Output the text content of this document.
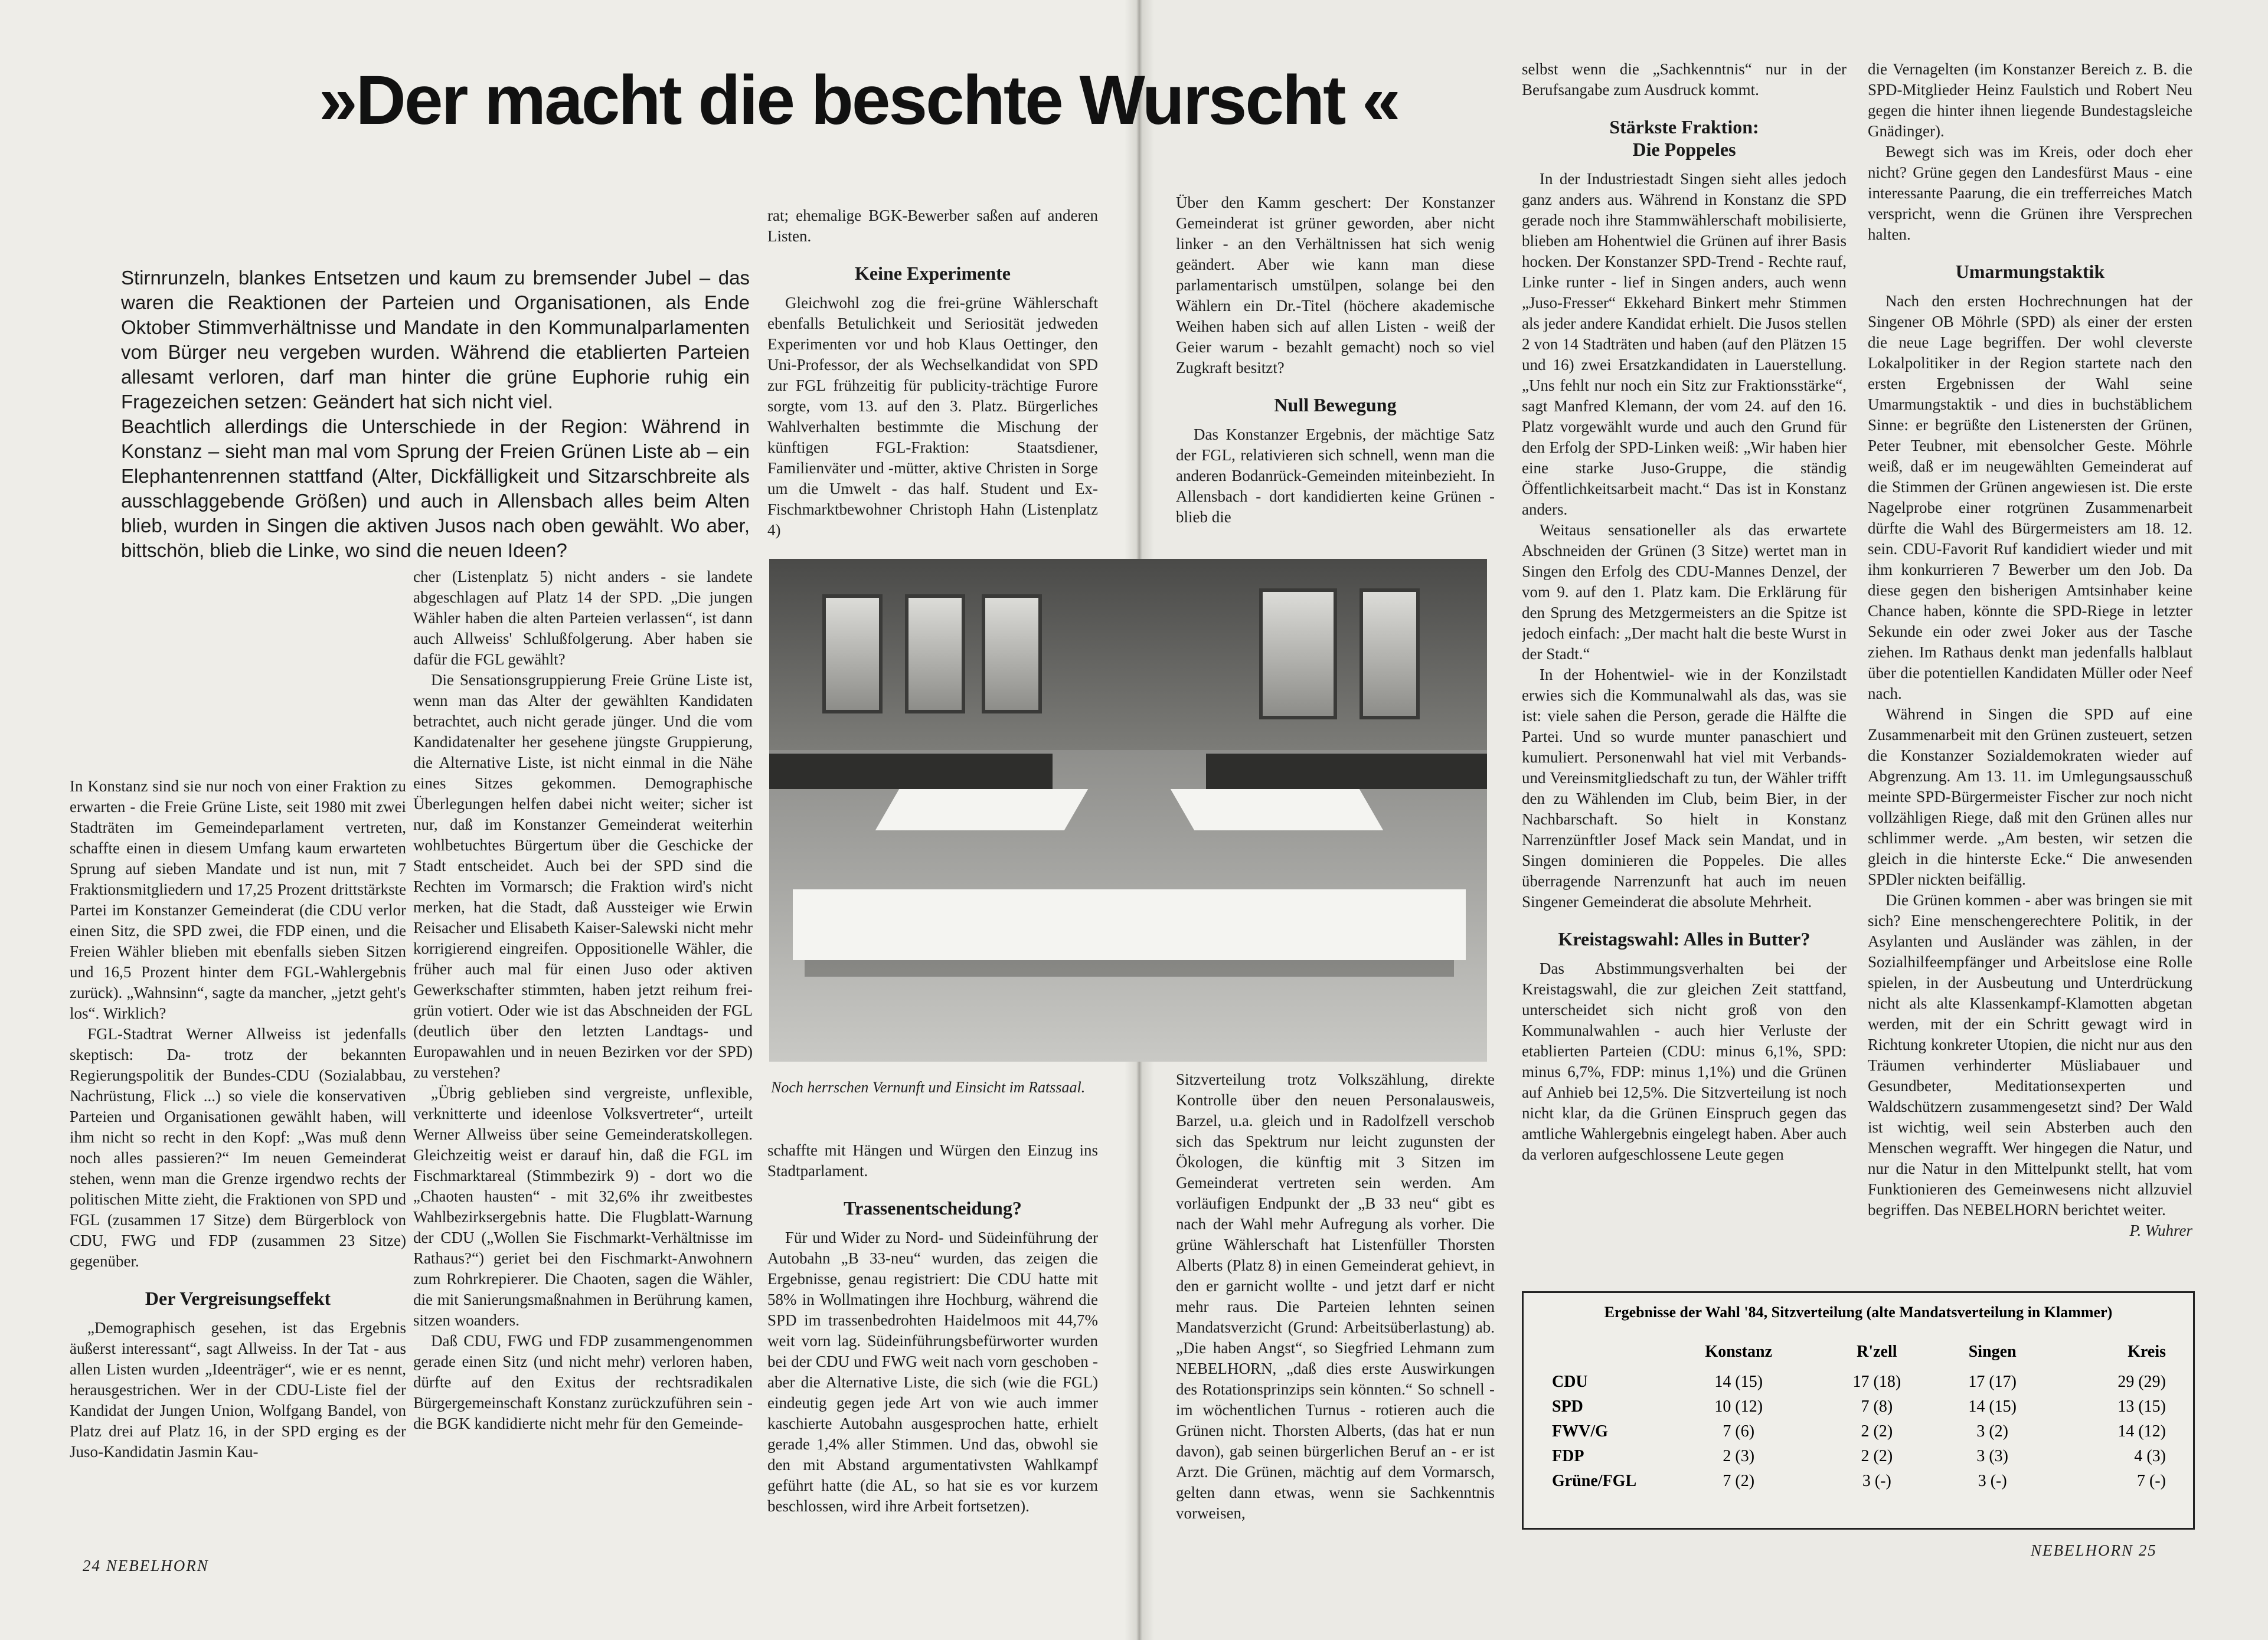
»Der macht die beschte Wurscht «

Stirnrunzeln, blankes Entsetzen und kaum zu bremsender Jubel – das waren die Reaktionen der Parteien und Organisationen, als Ende Oktober Stimmverhältnisse und Mandate in den Kommunalparlamenten vom Bürger neu vergeben wurden. Während die etablierten Parteien allesamt verloren, darf man hinter die grüne Euphorie ruhig ein Fragezeichen setzen: Geändert hat sich nicht viel.

Beachtlich allerdings die Unterschiede in der Region: Während in Konstanz – sieht man mal vom Sprung der Freien Grünen Liste ab – ein Elephantenrennen stattfand (Alter, Dickfälligkeit und Sitzarschbreite als ausschlaggebende Größen) und auch in Allensbach alles beim Alten blieb, wurden in Singen die aktiven Jusos nach oben gewählt. Wo aber, bittschön, blieb die Linke, wo sind die neuen Ideen?

In Konstanz sind sie nur noch von einer Fraktion zu erwarten - die Freie Grüne Liste, seit 1980 mit zwei Stadträten im Gemeindeparlament vertreten, schaffte einen in diesem Umfang kaum erwarteten Sprung auf sieben Mandate und ist nun, mit 7 Fraktionsmitgliedern und 17,25 Prozent drittstärkste Partei im Konstanzer Gemeinderat (die CDU verlor einen Sitz, die SPD zwei, die FDP einen, und die Freien Wähler blieben mit ebenfalls sieben Sitzen und 16,5 Prozent hinter dem FGL-Wahlergebnis zurück). „Wahnsinn“, sagte da mancher, „jetzt geht's los“. Wirklich?

FGL-Stadtrat Werner Allweiss ist jedenfalls skeptisch: Da- trotz der bekannten Regierungspolitik der Bundes-CDU (Sozialabbau, Nachrüstung, Flick ...) so viele die konservativen Parteien und Organisationen gewählt haben, will ihm nicht so recht in den Kopf: „Was muß denn noch alles passieren?“ Im neuen Gemeinderat stehen, wenn man die Grenze irgendwo rechts der politischen Mitte zieht, die Fraktionen von SPD und FGL (zusammen 17 Sitze) dem Bürgerblock von CDU, FWG und FDP (zusammen 23 Sitze) gegenüber.

Der Vergreisungseffekt

„Demographisch gesehen, ist das Ergebnis äußerst interessant“, sagt Allweiss. In der Tat - aus allen Listen wurden „Ideenträger“, wie er es nennt, herausgestrichen. Wer in der CDU-Liste fiel der Kandidat der Jungen Union, Wolfgang Bandel, von Platz drei auf Platz 16, in der SPD erging es der Juso-Kandidatin Jasmin Kau-

cher (Listenplatz 5) nicht anders - sie landete abgeschlagen auf Platz 14 der SPD. „Die jungen Wähler haben die alten Parteien verlassen“, ist dann auch Allweiss' Schlußfolgerung. Aber haben sie dafür die FGL gewählt?

Die Sensationsgruppierung Freie Grüne Liste ist, wenn man das Alter der gewählten Kandidaten betrachtet, auch nicht gerade jünger. Und die vom Kandidatenalter her gesehene jüngste Gruppierung, die Alternative Liste, ist nicht einmal in die Nähe eines Sitzes gekommen. Demographische Überlegungen helfen dabei nicht weiter; sicher ist nur, daß im Konstanzer Gemeinderat weiterhin wohlbetuchtes Bürgertum über die Geschicke der Stadt entscheidet. Auch bei der SPD sind die Rechten im Vormarsch; die Fraktion wird's nicht merken, hat die Stadt, daß Aussteiger wie Erwin Reisacher und Elisabeth Kaiser-Salewski nicht mehr korrigierend eingreifen. Oppositionelle Wähler, die früher auch mal für einen Juso oder aktiven Gewerkschafter stimmten, haben jetzt reihum frei-grün votiert. Oder wie ist das Abschneiden der FGL (deutlich über den letzten Landtags- und Europawahlen und in neuen Bezirken vor der SPD) zu verstehen?

„Übrig geblieben sind vergreiste, unflexible, verknitterte und ideenlose Volksvertreter“, urteilt Werner Allweiss über seine Gemeinderatskollegen. Gleichzeitig weist er darauf hin, daß die FGL im Fischmarktareal (Stimmbezirk 9) - dort wo die „Chaoten hausten“ - mit 32,6% ihr zweitbestes Wahlbezirksergebnis hatte. Die Flugblatt-Warnung der CDU („Wollen Sie Fischmarkt-Verhältnisse im Rathaus?“) geriet bei den Fischmarkt-Anwohnern zum Rohrkrepierer. Die Chaoten, sagen die Wähler, die mit Sanierungsmaßnahmen in Berührung kamen, sitzen woanders.

Daß CDU, FWG und FDP zusammengenommen gerade einen Sitz (und nicht mehr) verloren haben, dürfte auf den Exitus der rechtsradikalen Bürgergemeinschaft Konstanz zurückzuführen sein - die BGK kandidierte nicht mehr für den Gemeinde-

rat; ehemalige BGK-Bewerber saßen auf anderen Listen.

Keine Experimente

Gleichwohl zog die frei-grüne Wählerschaft ebenfalls Betulichkeit und Seriosität jedweden Experimenten vor und hob Klaus Oettinger, den Uni-Professor, der als Wechselkandidat von SPD zur FGL frühzeitig für publicity-trächtige Furore sorgte, vom 13. auf den 3. Platz. Bürgerliches Wahlverhalten bestimmte die Mischung der künftigen FGL-Fraktion: Staatsdiener, Familienväter und -mütter, aktive Christen in Sorge um die Umwelt - das half. Student und Ex-Fischmarktbewohner Christoph Hahn (Listenplatz 4)

Noch herrschen Vernunft und Einsicht im Ratssaal.

schaffte mit Hängen und Würgen den Einzug ins Stadtparlament.

Trassenentscheidung?

Für und Wider zu Nord- und Südeinführung der Autobahn „B 33-neu“ wurden, das zeigen die Ergebnisse, genau registriert: Die CDU hatte mit 58% in Wollmatingen ihre Hochburg, während die SPD im trassenbedrohten Haidelmoos mit 44,7% weit vorn lag. Südeinführungsbefürworter wurden bei der CDU und FWG weit nach vorn geschoben - aber die Alternative Liste, die sich (wie die FGL) eindeutig gegen jede Art von wie auch immer kaschierte Autobahn ausgesprochen hatte, erhielt gerade 1,4% aller Stimmen. Und das, obwohl sie den mit Abstand argumentativsten Wahlkampf geführt hatte (die AL, so hat sie es vor kurzem beschlossen, wird ihre Arbeit fortsetzen).

Über den Kamm geschert: Der Konstanzer Gemeinderat ist grüner geworden, aber nicht linker - an den Verhältnissen hat sich wenig geändert. Aber wie kann man diese parlamentarisch umstülpen, solange bei den Wählern ein Dr.-Titel (höchere akademische Weihen haben sich auf allen Listen - weiß der Geier warum - bezahlt gemacht) noch so viel Zugkraft besitzt?

Null Bewegung

Das Konstanzer Ergebnis, der mächtige Satz der FGL, relativieren sich schnell, wenn man die anderen Bodanrück-Gemeinden miteinbezieht. In Allensbach - dort kandidierten keine Grünen - blieb die

Sitzverteilung trotz Volkszählung, direkte Kontrolle über den neuen Personalausweis, Barzel, u.a. gleich und in Radolfzell verschob sich das Spektrum nur leicht zugunsten der Ökologen, die künftig mit 3 Sitzen im Gemeinderat vertreten sein werden. Am vorläufigen Endpunkt der „B 33 neu“ gibt es nach der Wahl mehr Aufregung als vorher. Die grüne Wählerschaft hat Listenfüller Thorsten Alberts (Platz 8) in einen Gemeinderat gehievt, in den er garnicht wollte - und jetzt darf er nicht mehr raus. Die Parteien lehnten seinen Mandatsverzicht (Grund: Arbeitsüberlastung) ab. „Die haben Angst“, so Siegfried Lehmann zum NEBELHORN, „daß dies erste Auswirkungen des Rotationsprinzips sein könnten.“ So schnell - im wöchentlichen Turnus - rotieren auch die Grünen nicht. Thorsten Alberts, (das hat er nun davon), gab seinen bürgerlichen Beruf an - er ist Arzt. Die Grünen, mächtig auf dem Vormarsch, gelten dann etwas, wenn sie Sachkenntnis vorweisen,

selbst wenn die „Sachkenntnis“ nur in der Berufsangabe zum Ausdruck kommt.

Stärkste Fraktion:
Die Poppeles

In der Industriestadt Singen sieht alles jedoch ganz anders aus. Während in Konstanz die SPD gerade noch ihre Stammwählerschaft mobilisierte, blieben am Hohentwiel die Grünen auf ihrer Basis hocken. Der Konstanzer SPD-Trend - Rechte rauf, Linke runter - lief in Singen anders, auch wenn „Juso-Fresser“ Ekkehard Binkert mehr Stimmen als jeder andere Kandidat erhielt. Die Jusos stellen 2 von 14 Stadträten und haben (auf den Plätzen 15 und 16) zwei Ersatzkandidaten in Lauerstellung. „Uns fehlt nur noch ein Sitz zur Fraktionsstärke“, sagt Manfred Klemann, der vom 24. auf den 16. Platz vorgewählt wurde und auch den Grund für den Erfolg der SPD-Linken weiß: „Wir haben hier eine starke Juso-Gruppe, die ständig Öffentlichkeitsarbeit macht.“ Das ist in Konstanz anders.

Weitaus sensationeller als das erwartete Abschneiden der Grünen (3 Sitze) wertet man in Singen den Erfolg des CDU-Mannes Denzel, der vom 9. auf den 1. Platz kam. Die Erklärung für den Sprung des Metzgermeisters an die Spitze ist jedoch einfach: „Der macht halt die beste Wurst in der Stadt.“

In der Hohentwiel- wie in der Konzilstadt erwies sich die Kommunalwahl als das, was sie ist: viele sahen die Person, gerade die Hälfte die Partei. Und so wurde munter panaschiert und kumuliert. Personenwahl hat viel mit Verbands- und Vereinsmitgliedschaft zu tun, der Wähler trifft den zu Wählenden im Club, beim Bier, in der Nachbarschaft. So hielt in Konstanz Narrenzünftler Josef Mack sein Mandat, und in Singen dominieren die Poppeles. Die alles überragende Narrenzunft hat auch im neuen Singener Gemeinderat die absolute Mehrheit.

Kreistagswahl: Alles in Butter?

Das Abstimmungsverhalten bei der Kreistagswahl, die zur gleichen Zeit stattfand, unterscheidet sich nicht groß von den Kommunalwahlen - auch hier Verluste der etablierten Parteien (CDU: minus 6,1%, SPD: minus 6,7%, FDP: minus 1,1%) und die Grünen auf Anhieb bei 12,5%. Die Sitzverteilung ist noch nicht klar, da die Grünen Einspruch gegen das amtliche Wahlergebnis eingelegt haben. Aber auch da verloren aufgeschlossene Leute gegen

die Vernagelten (im Konstanzer Bereich z. B. die SPD-Mitglieder Heinz Faulstich und Robert Neu gegen die hinter ihnen liegende Bundestagsleiche Gnädinger).

Bewegt sich was im Kreis, oder doch eher nicht? Grüne gegen den Landesfürst Maus - eine interessante Paarung, die ein trefferreiches Match verspricht, wenn die Grünen ihre Versprechen halten.

Umarmungstaktik

Nach den ersten Hochrechnungen hat der Singener OB Möhrle (SPD) als einer der ersten die neue Lage begriffen. Der wohl cleverste Lokalpolitiker in der Region startete nach den ersten Ergebnissen der Wahl seine Umarmungstaktik - und dies in buchstäblichem Sinne: er begrüßte den Listenersten der Grünen, Peter Teubner, mit ebensolcher Geste. Möhrle weiß, daß er im neugewählten Gemeinderat auf die Stimmen der Grünen angewiesen ist. Die erste Nagelprobe einer rotgrünen Zusammenarbeit dürfte die Wahl des Bürgermeisters am 18. 12. sein. CDU-Favorit Ruf kandidiert wieder und mit ihm konkurrieren 7 Bewerber um den Job. Da diese gegen den bisherigen Amtsinhaber keine Chance haben, könnte die SPD-Riege in letzter Sekunde ein oder zwei Joker aus der Tasche ziehen. Im Rathaus denkt man jedenfalls halblaut über die potentiellen Kandidaten Müller oder Neef nach.

Während in Singen die SPD auf eine Zusammenarbeit mit den Grünen zusteuert, setzen die Konstanzer Sozialdemokraten wieder auf Abgrenzung. Am 13. 11. im Umlegungsausschuß meinte SPD-Bürgermeister Fischer zur noch nicht vollzähligen Riege, daß mit den Grünen alles nur schlimmer werde. „Am besten, wir setzen die gleich in die hinterste Ecke.“ Die anwesenden SPDler nickten beifällig.

Die Grünen kommen - aber was bringen sie mit sich? Eine menschengerechtere Politik, in der Asylanten und Ausländer was zählen, in der Sozialhilfeempfänger und Arbeitslose eine Rolle spielen, in der Ausbeutung und Unterdrückung nicht als alte Klassenkampf-Klamotten abgetan werden, mit der ein Schritt gewagt wird in Richtung konkreter Utopien, die nicht nur aus den Träumen verhinderter Müsliabauer und Gesundbeter, Meditationsexperten und Waldschützern zusammengesetzt sind? Der Wald ist wichtig, weil sein Absterben auch den Menschen wegrafft. Wer hingegen die Natur, und nur die Natur in den Mittelpunkt stellt, hat vom Funktionieren des Gemeinwesens nicht allzuviel begriffen. Das NEBELHORN berichtet weiter.

P. Wuhrer
Ergebnisse der Wahl '84, Sitzverteilung (alte Mandatsverteilung in Klammer)
	Konstanz	R'zell	Singen	Kreis
CDU	14 (15)	17 (18)	17 (17)	29 (29)
SPD	10 (12)	7 (8)	14 (15)	13 (15)
FWV/G	7 (6)	2 (2)	3 (2)	14 (12)
FDP	2 (3)	2 (2)	3 (3)	4 (3)
Grüne/FGL	7 (2)	3 (-)	3 (-)	7 (-)
24 NEBELHORN
NEBELHORN 25
